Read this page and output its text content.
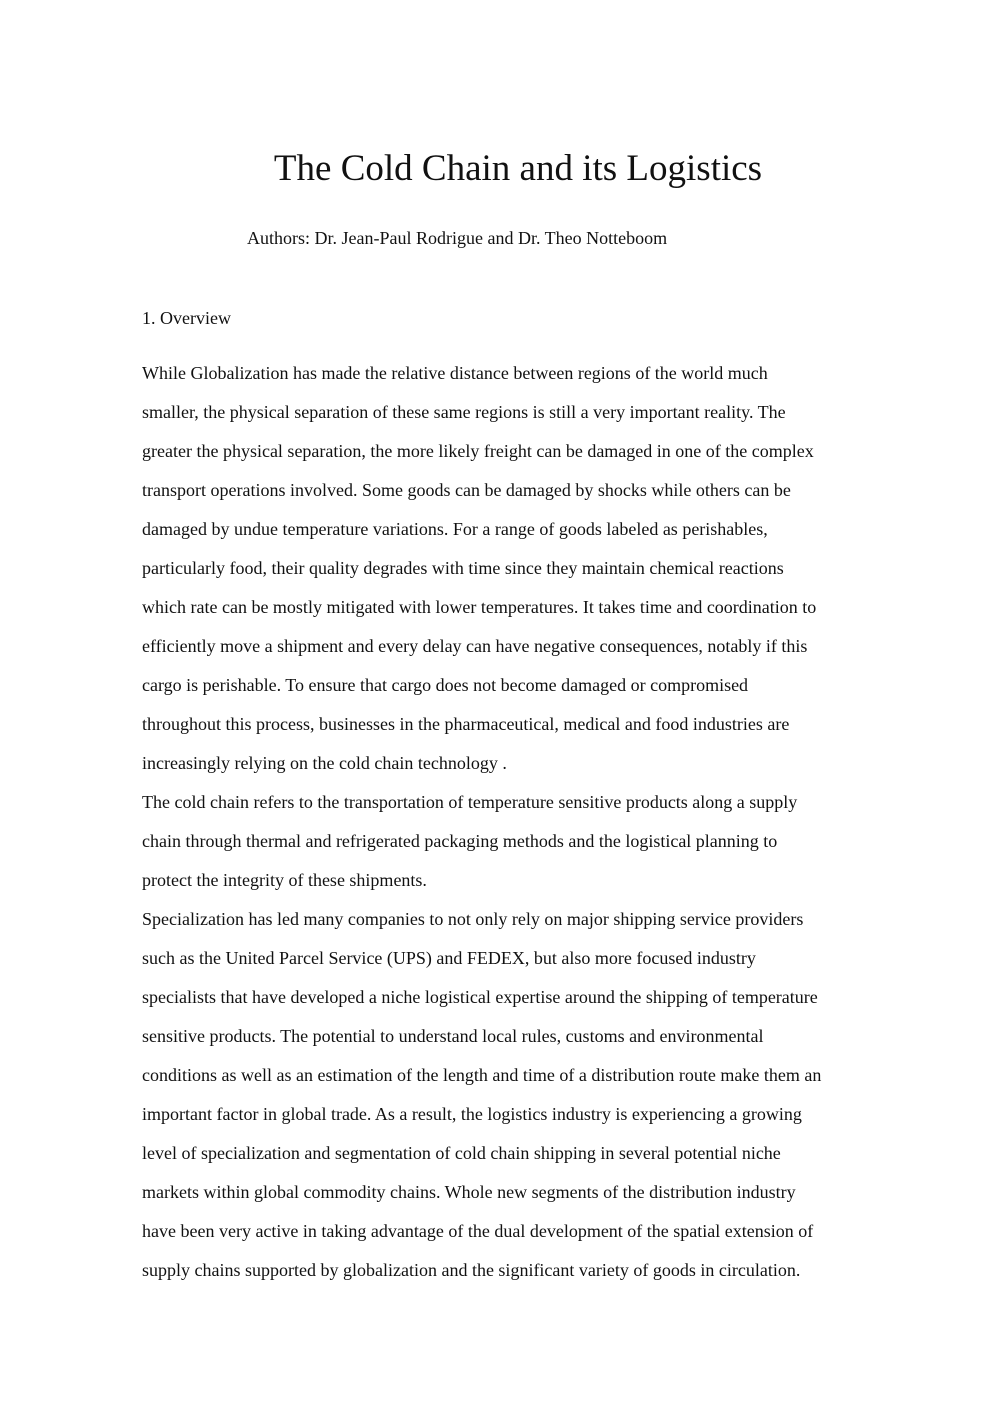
The Cold Chain and its Logistics

Authors: Dr. Jean-Paul Rodrigue and Dr. Theo Notteboom

1. Overview
While Globalization has made the relative distance between regions of the world much
smaller, the physical separation of these same regions is still a very important reality. The
greater the physical separation, the more likely freight can be damaged in one of the complex
transport operations involved. Some goods can be damaged by shocks while others can be
damaged by undue temperature variations. For a range of goods labeled as perishables,
particularly food, their quality degrades with time since they maintain chemical reactions
which rate can be mostly mitigated with lower temperatures. It takes time and coordination to
efficiently move a shipment and every delay can have negative consequences, notably if this
cargo is perishable. To ensure that cargo does not become damaged or compromised
throughout this process, businesses in the pharmaceutical, medical and food industries are
increasingly relying on the cold chain technology .
The cold chain refers to the transportation of temperature sensitive products along a supply
chain through thermal and refrigerated packaging methods and the logistical planning to
protect the integrity of these shipments.
Specialization has led many companies to not only rely on major shipping service providers
such as the United Parcel Service (UPS) and FEDEX, but also more focused industry
specialists that have developed a niche logistical expertise around the shipping of temperature
sensitive products. The potential to understand local rules, customs and environmental
conditions as well as an estimation of the length and time of a distribution route make them an
important factor in global trade. As a result, the logistics industry is experiencing a growing
level of specialization and segmentation of cold chain shipping in several potential niche
markets within global commodity chains. Whole new segments of the distribution industry
have been very active in taking advantage of the dual development of the spatial extension of
supply chains supported by globalization and the significant variety of goods in circulation.
